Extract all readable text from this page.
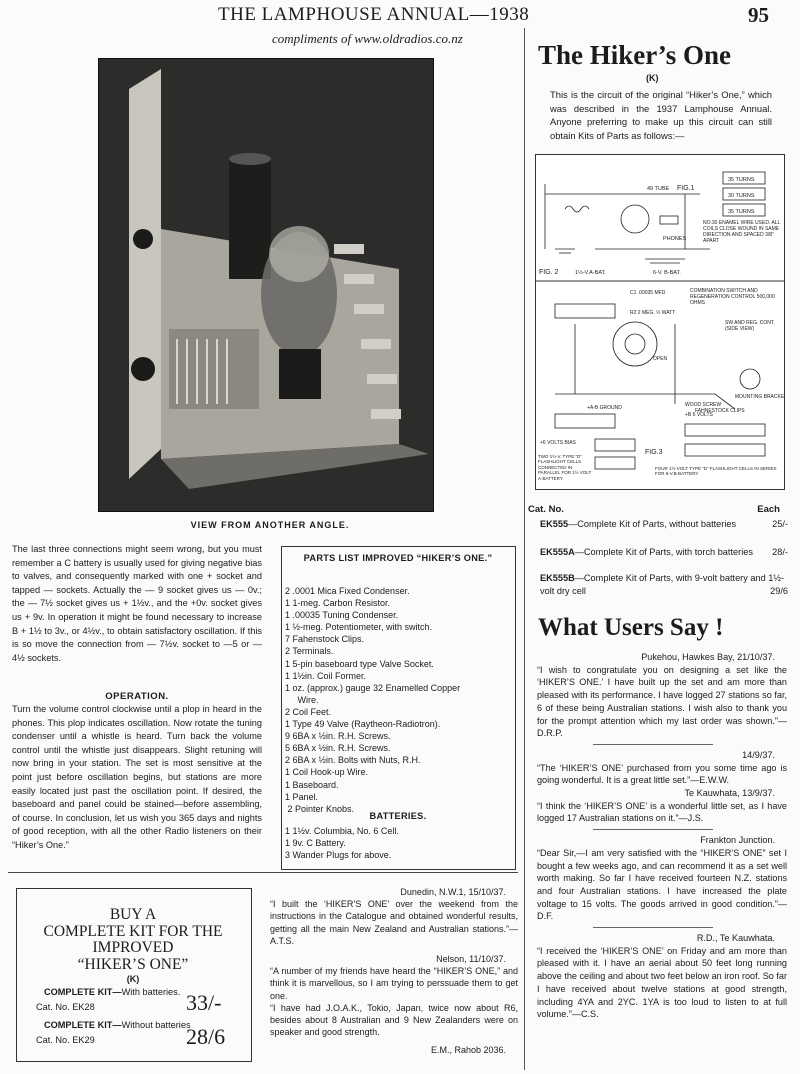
THE LAMPHOUSE ANNUAL—1938	95
compliments of www.oldradios.co.nz
VIEW FROM ANOTHER ANGLE.
The last three connections might seem wrong, but you must remember a C battery is usually used for giving negative bias to valves, and consequently marked with one + socket and tapped — sockets. Actually the — 9 socket gives us — 0v.; the — 7½ socket gives us + 1½v., and the +0v. socket gives us + 9v. In operation it might be found necessary to increase B + 1½ to 3v., or 4½v., to obtain satisfactory oscillation. If this is so move the connection from — 7½v. socket to —5 or — 4½ sockets.
OPERATION.
Turn the volume control clockwise until a plop in heard in the phones. This plop indicates oscillation. Now rotate the tuning condenser until a whistle is heard. Turn back the volume control until the whistle just disappears. Slight retuning will now bring in your station. The set is most sensitive at the point just before oscillation begins, but stations are more easily located just past the oscillation point. If desired, the baseboard and panel could be stained—before assembling, of course. In conclusion, let us wish you 365 days and nights of good reception, with all the other Radio listeners on their “Hiker’s One.”
PARTS LIST IMPROVED “HIKER’S ONE.”
2 .0001 Mica Fixed Condenser.
1 1-meg. Carbon Resistor.
1 .00035 Tuning Condenser.
1 ½-meg. Potentiometer, with switch.
7 Fahenstock Clips.
2 Terminals.
1 5-pin baseboard type Valve Socket.
1 1½in. Coil Former.
1 oz. (approx.) gauge 32 Enamelled Copper
Wire.
2 Coil Feet.
1 Type 49 Valve (Raytheon-Radiotron).
9 6BA x ½in. R.H. Screws.
5 6BA x ½in. R.H. Screws.
2 6BA x ½in. Bolts with Nuts, R.H.
1 Coil Hook-up Wire.
1 Baseboard.
1 Panel.
2 Pointer Knobs.
BATTERIES.
1 1½v. Columbia, No. 6 Cell.
1 9v. C Battery.
3 Wander Plugs for above.
BUY A
COMPLETE KIT FOR THE
IMPROVED
“HIKER’S ONE”
(K)
COMPLETE KIT—With batteries.
Cat. No. EK28	33/-
COMPLETE KIT—Without batteries
Cat. No. EK29	28/6
Dunedin, N.W.1, 15/10/37.
“I built the ‘HIKER’S ONE’ over the weekend from the instructions in the Catalogue and obtained wonderful results, getting all the main New Zealand and Australian stations.”—A.T.S.
Nelson, 11/10/37.
“A number of my friends have heard the “HIKER’S ONE,” and think it is marvellous, so I am trying to perssuade them to get one.
“I have had J.O.A.K., Tokio, Japan, twice now about R6, besides about 8 Australian and 9 New Zealanders were on speaker and good strength.
E.M., Rahob 2036.
The Hiker’s One
(K)
This is the circuit of the original “Hiker’s One,” which was described in the 1937 Lamphouse Annual. Anyone preferring to make up this circuit can still obtain Kits of Parts as follows:—
35 TURNS
30 TURNS
35 TURNS
49 TUBE FIG.1
FIG. 2	1½-V.A-BAT.	6-V. B-BAT.
PHONES
NO.30 ENAMEL WIRE USED. ALL COILS CLOSE WOUND IN SAME DIRECTION AND SPACED 3/8" APART
+6 VOLTS BIAS
+A-B GROUND
+B 6 VOLTS
FAHNESTOCK CLIPS
C1 .00035 MFD.
R2 2 MEG. ½ WATT
OPEN
MOUNTING BRACKET
WOOD SCREW
FIG.3
COMBINATION SWITCH AND REGENERATION CONTROL 500,000 OHMS
SW AND REG. CONT. (SIDE VIEW)
TWO 1½-V. TYPE “D” FLASHLIGHT CELLS CONNECTED IN PARALLEL FOR 1½ VOLT A-BATTERY
FOUR 1½-VOLT TYPE “D” FLASHLIGHT CELLS IN SERIES FOR 6-V.B-BATTERY
Cat. No.	Each
EK555—Complete Kit of Parts, without batteries	25/-
EK555A—Complete Kit of Parts, with torch batteries 28/-
EK555B—Complete Kit of Parts, with 9-volt battery and 1½-volt dry cell	29/6
What Users Say !
Pukehou, Hawkes Bay, 21/10/37.
“I wish to congratulate you on designing a set like the ‘HIKER’S ONE.’ I have built up the set and am more than pleased with its performance. I have logged 27 stations so far, 6 of these being Australian stations. I wish also to thank you for the prompt attention which my last order was shown.”—D.R.P.
14/9/37.
“The ‘HIKER’S ONE’ purchased from you some time ago is going wonderful. It is a great little set.”—E.W.W.
Te Kauwhata, 13/9/37.
“I think the ‘HIKER’S ONE’ is a wonderful little set, as I have logged 17 Australian stations on it.”—J.S.
Frankton Junction.
“Dear Sir,—I am very satisfied with the “HIKER’S ONE” set I bought a few weeks ago, and can recommend it as a set well worth making. So far I have received fourteen N.Z. stations and four Australian stations. I have increased the plate voltage to 15 volts. The goods arrived in good condition.”—D.F.
R.D., Te Kauwhata.
“I received the ‘HIKER’S ONE’ on Friday and am more than pleased with it. I have an aerial about 50 feet long running above the ceiling and about two feet below an iron roof. So far I have received about twelve stations at good strength, including 4YA and 2YC. 1YA is too loud to listen to at full volume.”—C.S.
